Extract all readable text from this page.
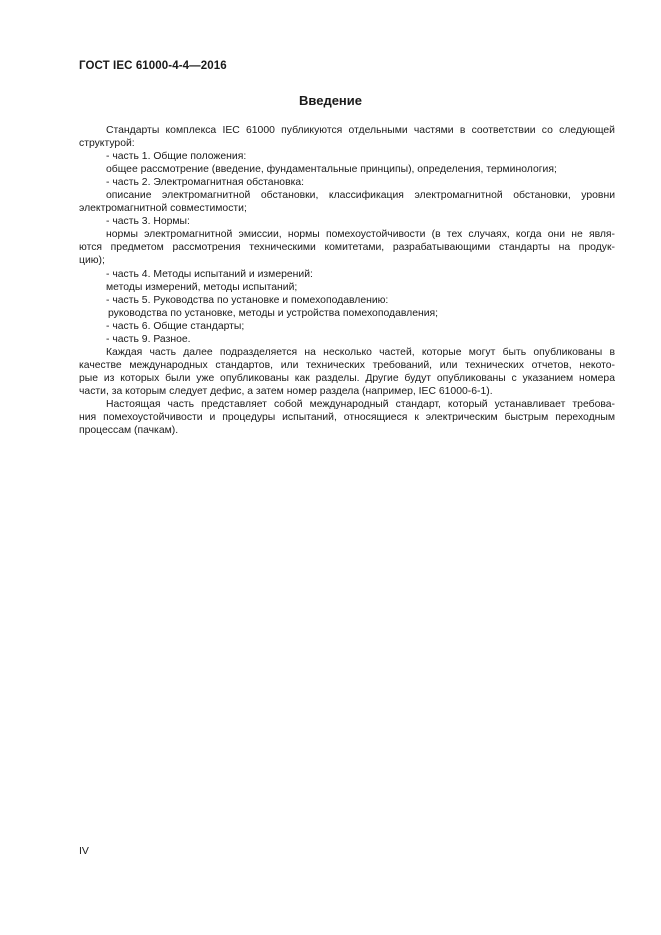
ГОСТ IEC 61000-4-4—2016
Введение

Стандарты комплекса IEC 61000 публикуются отдельными частями в соответствии со следующей

структурой:

- часть 1. Общие положения:

общее рассмотрение (введение, фундаментальные принципы), определения, терминология;

- часть 2. Электромагнитная обстановка:

описание электромагнитной обстановки, классификация электромагнитной обстановки, уровни

электромагнитной совместимости;

- часть 3. Нормы:

нормы электромагнитной эмиссии, нормы помехоустойчивости (в тех случаях, когда они не явля-

ются предметом рассмотрения техническими комитетами, разрабатывающими стандарты на продук-

цию);

- часть 4. Методы испытаний и измерений:

методы измерений, методы испытаний;

- часть 5. Руководства по установке и помехоподавлению:

руководства по установке, методы и устройства помехоподавления;

- часть 6. Общие стандарты;

- часть 9. Разное.

Каждая часть далее подразделяется на несколько частей, которые могут быть опубликованы в

качестве международных стандартов, или технических требований, или технических отчетов, некото-

рые из которых были уже опубликованы как разделы. Другие будут опубликованы с указанием номера

части, за которым следует дефис, а затем номер раздела (например, IEC 61000-6-1).

Настоящая часть представляет собой международный стандарт, который устанавливает требова-

ния помехоустойчивости и процедуры испытаний, относящиеся к электрическим быстрым переходным

процессам (пачкам).

IV
